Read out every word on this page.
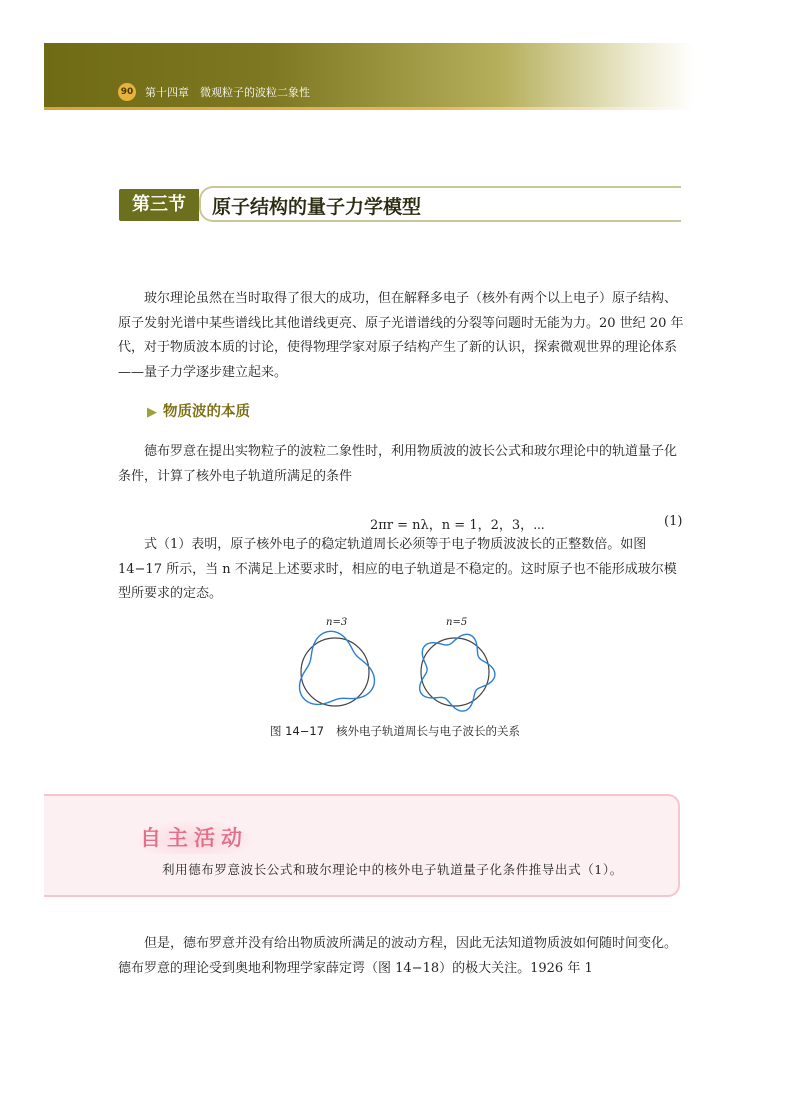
90 第十四章　微观粒子的波粒二象性
第三节	原子结构的量子力学模型

玻尔理论虽然在当时取得了很大的成功，但在解释多电子（核外有两个以上电子）原子结构、原子发射光谱中某些谱线比其他谱线更亮、原子光谱谱线的分裂等问题时无能为力。20 世纪 20 年代，对于物质波本质的讨论，使得物理学家对原子结构产生了新的认识，探索微观世界的理论体系——量子力学逐步建立起来。

▶ 物质波的本质

德布罗意在提出实物粒子的波粒二象性时，利用物质波的波长公式和玻尔理论中的轨道量子化条件，计算了核外电子轨道所满足的条件

2πr = nλ，n = 1，2，3，⋯	(1)

式（1）表明，原子核外电子的稳定轨道周长必须等于电子物质波波长的正整数倍。如图 14−17 所示，当 n 不满足上述要求时，相应的电子轨道是不稳定的。这时原子也不能形成玻尔模型所要求的定态。

n=3	n=5
图 14−17 核外电子轨道周长与电子波长的关系
自主活动
利用德布罗意波长公式和玻尔理论中的核外电子轨道量子化条件推导出式（1）。

但是，德布罗意并没有给出物质波所满足的波动方程，因此无法知道物质波如何随时间变化。德布罗意的理论受到奥地利物理学家薛定谔（图 14−18）的极大关注。1926 年 1
